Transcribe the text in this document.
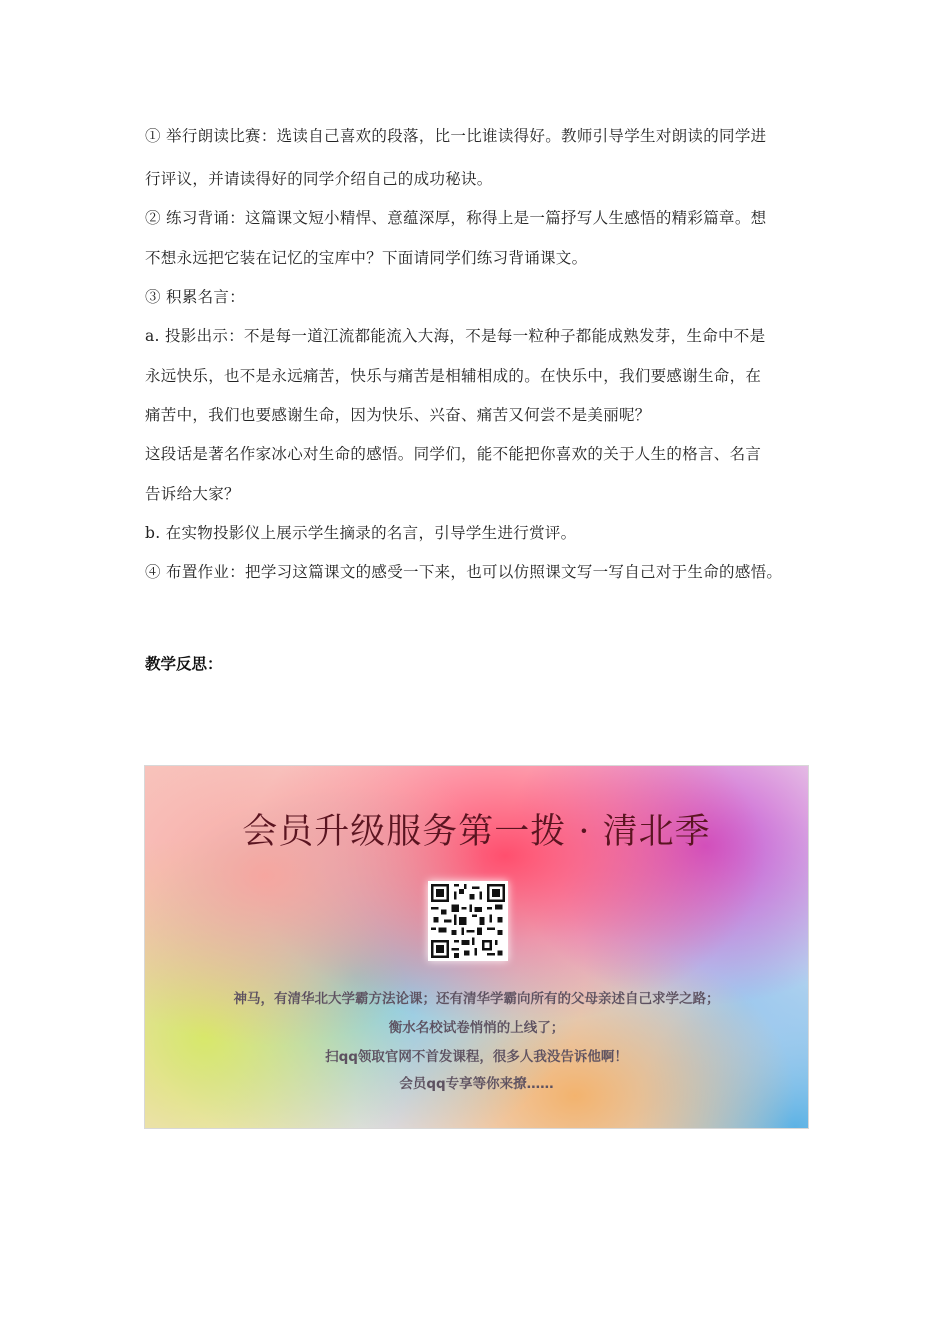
① 举行朗读比赛：选读自己喜欢的段落，比一比谁读得好。教师引导学生对朗读的同学进
行评议，并请读得好的同学介绍自己的成功秘诀。
② 练习背诵：这篇课文短小精悍、意蕴深厚，称得上是一篇抒写人生感悟的精彩篇章。想
不想永远把它装在记忆的宝库中？下面请同学们练习背诵课文。
③ 积累名言：
a. 投影出示：不是每一道江流都能流入大海，不是每一粒种子都能成熟发芽，生命中不是
永远快乐，也不是永远痛苦，快乐与痛苦是相辅相成的。在快乐中，我们要感谢生命，在
痛苦中，我们也要感谢生命，因为快乐、兴奋、痛苦又何尝不是美丽呢？
这段话是著名作家冰心对生命的感悟。同学们，能不能把你喜欢的关于人生的格言、名言
告诉给大家？
b. 在实物投影仪上展示学生摘录的名言，引导学生进行赏评。
④ 布置作业：把学习这篇课文的感受一下来，也可以仿照课文写一写自己对于生命的感悟。
教学反思：
会员升级服务第一拨 · 清北季
神马，有清华北大学霸方法论课；还有清华学霸向所有的父母亲述自己求学之路；
衡水名校试卷悄悄的上线了；
扫qq领取官网不首发课程，很多人我没告诉他啊！
会员qq专享等你来撩……
